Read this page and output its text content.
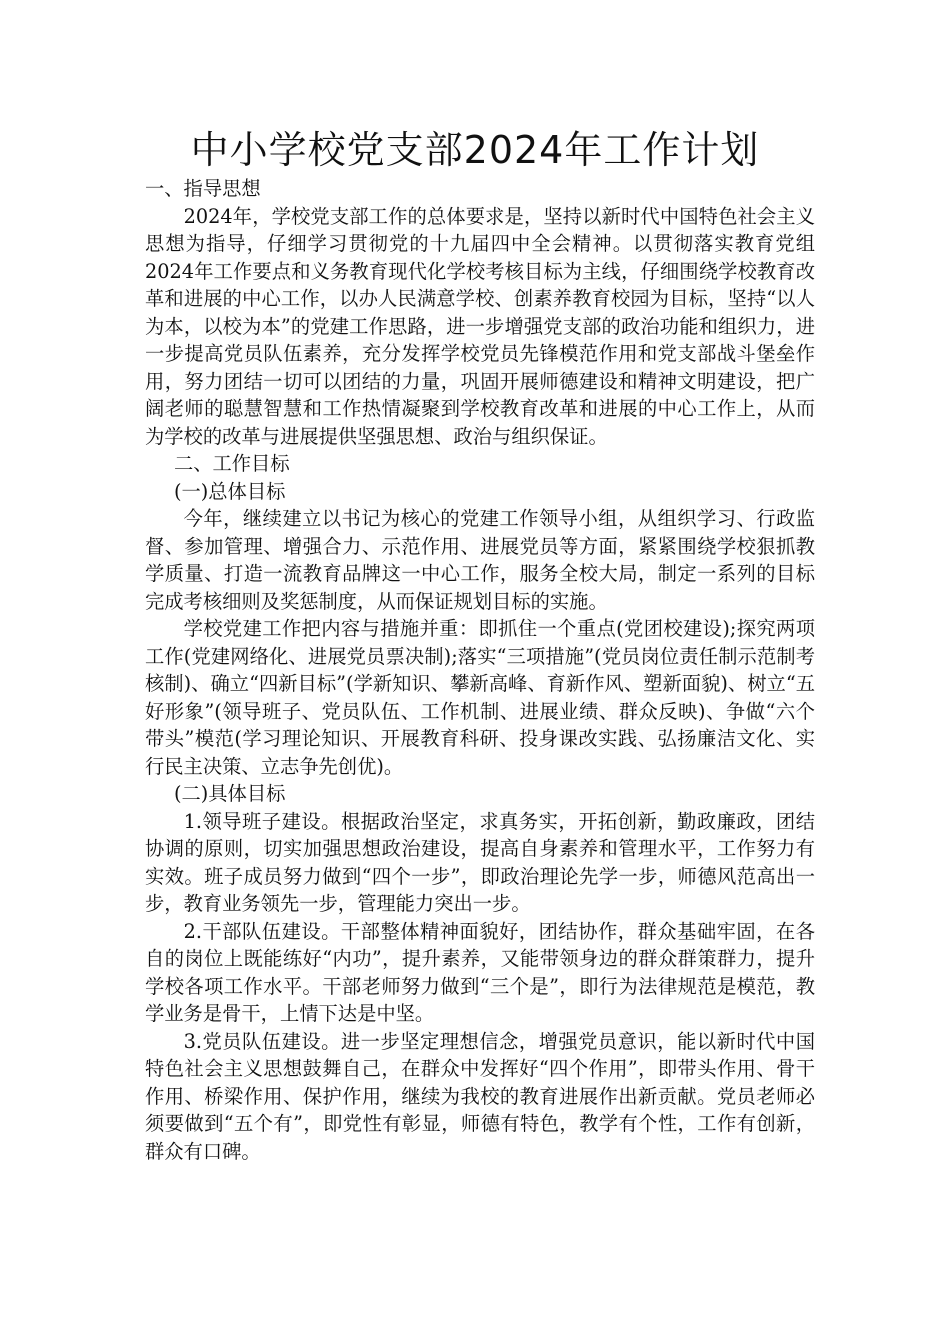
中小学校党支部2024年工作计划

一、指导思想

2024年，学校党支部工作的总体要求是，坚持以新时代中国特色社会主义思想为指导，仔细学习贯彻党的十九届四中全会精神。以贯彻落实教育党组2024年工作要点和义务教育现代化学校考核目标为主线，仔细围绕学校教育改革和进展的中心工作，以办人民满意学校、创素养教育校园为目标，坚持“以人为本，以校为本”的党建工作思路，进一步增强党支部的政治功能和组织力，进一步提高党员队伍素养，充分发挥学校党员先锋模范作用和党支部战斗堡垒作用，努力团结一切可以团结的力量，巩固开展师德建设和精神文明建设，把广阔老师的聪慧智慧和工作热情凝聚到学校教育改革和进展的中心工作上，从而为学校的改革与进展提供坚强思想、政治与组织保证。

二、工作目标

(一)总体目标

今年，继续建立以书记为核心的党建工作领导小组，从组织学习、行政监督、参加管理、增强合力、示范作用、进展党员等方面，紧紧围绕学校狠抓教学质量、打造一流教育品牌这一中心工作，服务全校大局，制定一系列的目标完成考核细则及奖惩制度，从而保证规划目标的实施。

学校党建工作把内容与措施并重：即抓住一个重点(党团校建设);探究两项工作(党建网络化、进展党员票决制);落实“三项措施”(党员岗位责任制示范制考核制)、确立“四新目标”(学新知识、攀新高峰、育新作风、塑新面貌)、树立“五好形象”(领导班子、党员队伍、工作机制、进展业绩、群众反映)、争做“六个带头”模范(学习理论知识、开展教育科研、投身课改实践、弘扬廉洁文化、实行民主决策、立志争先创优)。

(二)具体目标

1.领导班子建设。根据政治坚定，求真务实，开拓创新，勤政廉政，团结协调的原则，切实加强思想政治建设，提高自身素养和管理水平，工作努力有实效。班子成员努力做到“四个一步”，即政治理论先学一步，师德风范高出一步，教育业务领先一步，管理能力突出一步。

2.干部队伍建设。干部整体精神面貌好，团结协作，群众基础牢固，在各自的岗位上既能练好“内功”，提升素养，又能带领身边的群众群策群力，提升学校各项工作水平。干部老师努力做到“三个是”，即行为法律规范是模范，教学业务是骨干，上情下达是中坚。

3.党员队伍建设。进一步坚定理想信念，增强党员意识，能以新时代中国特色社会主义思想鼓舞自己，在群众中发挥好“四个作用”，即带头作用、骨干作用、桥梁作用、保护作用，继续为我校的教育进展作出新贡献。党员老师必须要做到“五个有”，即党性有彰显，师德有特色，教学有个性，工作有创新，群众有口碑。
